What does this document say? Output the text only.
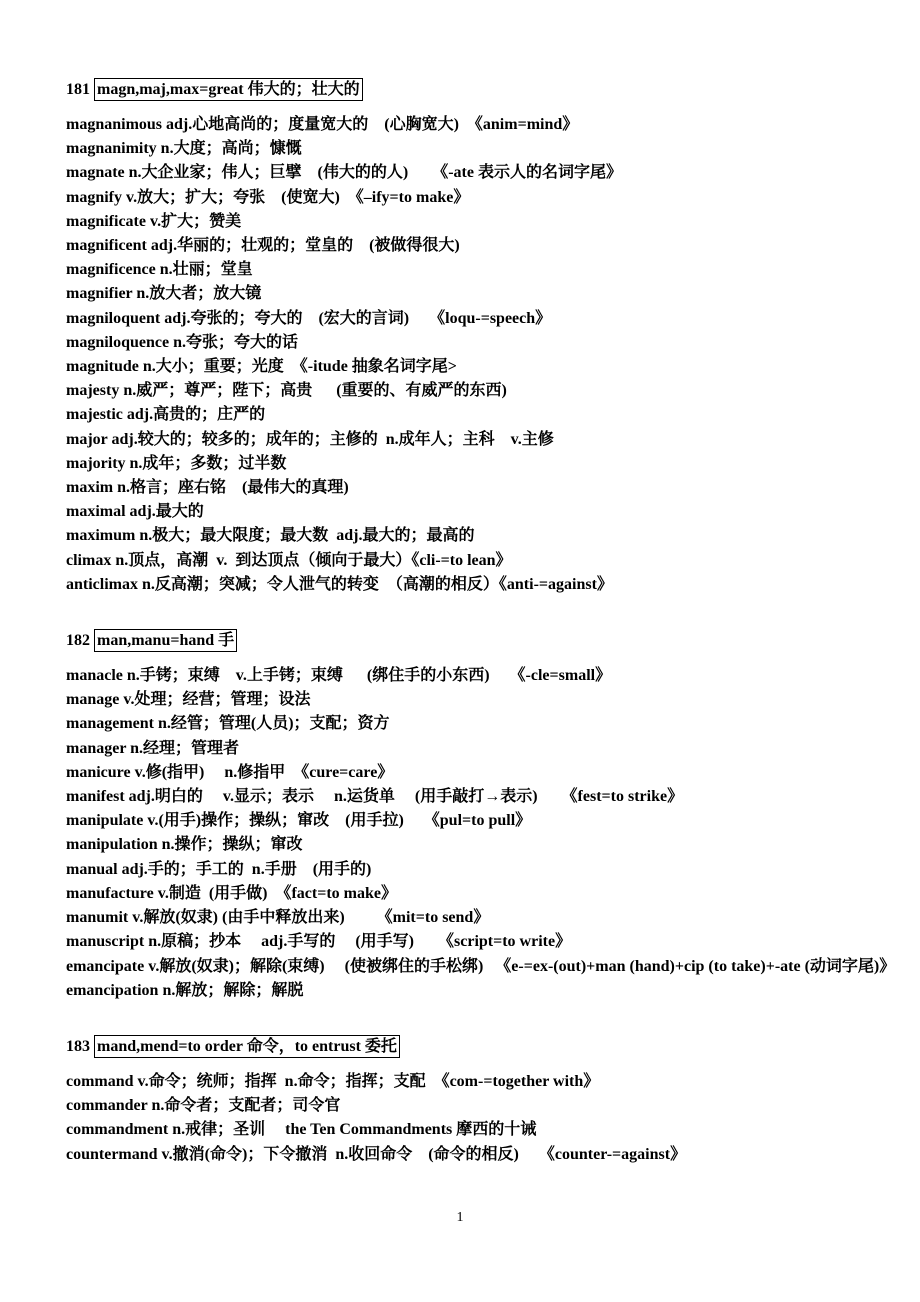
181 magn,maj,max=great 伟大的；壮大的
magnanimous adj.心地高尚的；度量宽大的    (心胸宽大)  《anim=mind》
magnanimity n.大度；高尚；慷慨
magnate n.大企业家；伟人；巨擘    (伟大的的人)      《-ate 表示人的名词字尾》
magnify v.放大；扩大；夸张    (使宽大)  《–ify=to make》
magnificate v.扩大；赞美
magnificent adj.华丽的；壮观的；堂皇的    (被做得很大)
magnificence n.壮丽；堂皇
magnifier n.放大者；放大镜
magniloquent adj.夸张的；夸大的    (宏大的言词)     《loqu-=speech》
magniloquence n.夸张；夸大的话
magnitude n.大小；重要；光度  《-itude 抽象名词字尾>
majesty n.威严；尊严；陛下；高贵      (重要的、有威严的东西)
majestic adj.高贵的；庄严的
major adj.较大的；较多的；成年的；主修的  n.成年人；主科    v.主修
majority n.成年；多数；过半数
maxim n.格言；座右铭    (最伟大的真理)
maximal adj.最大的
maximum n.极大；最大限度；最大数  adj.最大的；最高的
climax n.顶点，高潮  v.  到达顶点（倾向于最大）《cli-=to lean》
anticlimax n.反高潮；突减；令人泄气的转变  （高潮的相反）《anti-=against》
182 man,manu=hand 手
manacle n.手铐；束缚    v.上手铐；束缚      (绑住手的小东西)     《-cle=small》
manage v.处理；经营；管理；设法
management n.经管；管理(人员)；支配；资方
manager n.经理；管理者
manicure v.修(指甲)     n.修指甲  《cure=care》
manifest adj.明白的     v.显示；表示     n.运货单     (用手敲打→表示)      《fest=to strike》
manipulate v.(用手)操作；操纵；窜改    (用手拉)     《pul=to pull》
manipulation n.操作；操纵；窜改
manual adj.手的；手工的  n.手册    (用手的)
manufacture v.制造  (用手做)  《fact=to make》
manumit v.解放(奴隶) (由手中释放出来)        《mit=to send》
manuscript n.原稿；抄本     adj.手写的     (用手写)      《script=to write》
emancipate v.解放(奴隶)；解除(束缚)     (使被绑住的手松绑)   《e-=ex-(out)+man (hand)+cip (to take)+-ate (动词字尾)》
emancipation n.解放；解除；解脱
183 mand,mend=to order 命令，to entrust 委托
command v.命令；统师；指挥  n.命令；指挥；支配  《com-=together with》
commander n.命令者；支配者；司令官
commandment n.戒律；圣训     the Ten Commandments 摩西的十诫
countermand v.撤消(命令)；下令撤消  n.收回命令    (命令的相反)     《counter-=against》
1
